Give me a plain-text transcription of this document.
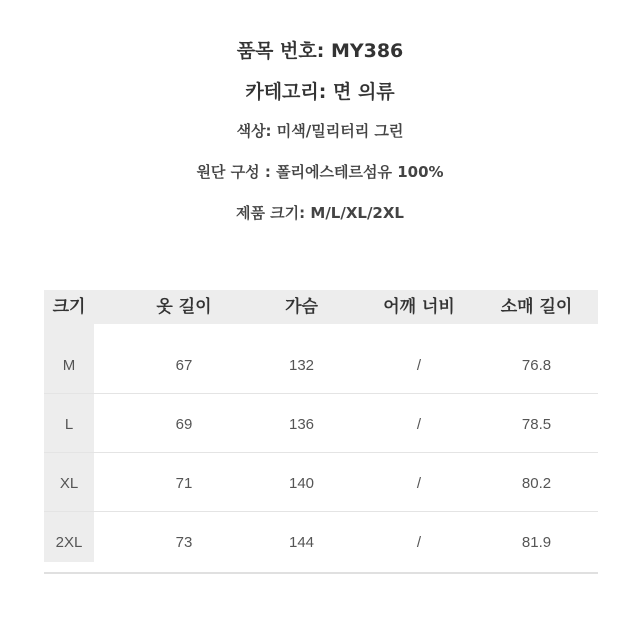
품목 번호: MY386
카테고리: 면 의류
색상: 미색/밀리터리 그린
원단 구성 : 폴리에스테르섬유 100%
제품 크기: M/L/XL/2XL
크기	옷 길이	가슴	어깨 너비	소매 길이
M	67	132	/	76.8
L	69	136	/	78.5
XL	71	140	/	80.2
2XL	73	144	/	81.9
